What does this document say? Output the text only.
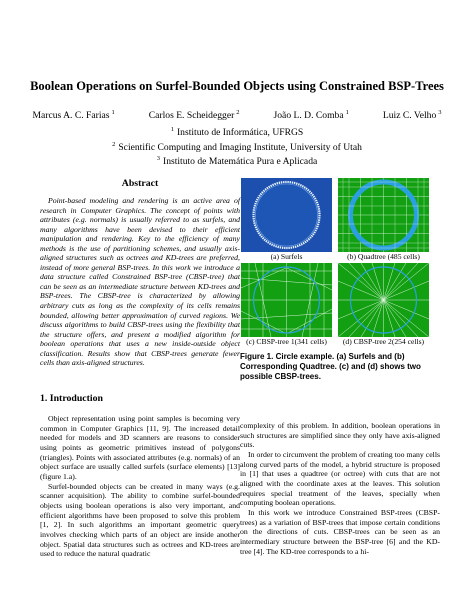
Boolean Operations on Surfel-Bounded Objects using Constrained BSP-Trees
Marcus A. C. Farias $^1$	Carlos E. Scheidegger $^2$	João L. D. Comba $^1$	Luiz C. Velho $^3$
$^1$ Instituto de Informática, UFRGS
$^2$ Scientific Computing and Imaging Institute, University of Utah
$^3$ Instituto de Matemática Pura e Aplicada
Abstract

Point-based modeling and rendering is an active area of research in Computer Graphics. The concept of points with attributes (e.g. normals) is usually referred to as surfels, and many algorithms have been devised to their efficient manipulation and rendering. Key to the efficiency of many methods is the use of partitioning schemes, and usually axis-aligned structures such as octrees and KD-trees are preferred, instead of more general BSP-trees. In this work we introduce a data structure called Constrained BSP-tree (CBSP-tree) that can be seen as an intermediate structure between KD-trees and BSP-trees. The CBSP-tree is characterized by allowing arbitrary cuts as long as the complexity of its cells remains bounded, allowing better approximation of curved regions. We discuss algorithms to build CBSP-trees using the flexibility that the structure offers, and present a modified algorithm for boolean operations that uses a new inside-outside object classification. Results show that CBSP-trees generate fewer cells than axis-aligned structures.

1. Introduction

Object representation using point samples is becoming very common in Computer Graphics [11, 9]. The increased detail needed for models and 3D scanners are reasons to consider using points as geometric primitives instead of polygons (triangles). Points with associated attributes (e.g. normals) of an object surface are usually called surfels (surface elements) [13] (figure 1.a).

Surfel-bounded objects can be created in many ways (e.g. scanner acquisition). The ability to combine surfel-bounded objects using boolean operations is also very important, and efficient algorithms have been proposed to solve this problem [1, 2]. In such algorithms an important geometric query involves checking which parts of an object are inside another object. Spatial data structures such as octrees and KD-trees are used to reduce the natural quadratic

(a) Surfels	(b) Quadtree (485 cells)
(c) CBSP-tree 1(341 cells) (d) CBSP-tree 2(254 cells)
Figure 1. Circle example. (a) Surfels and (b) Corresponding Quadtree. (c) and (d) shows two possible CBSP-trees.

complexity of this problem. In addition, boolean operations in such structures are simplified since they only have axis-aligned cuts.

In order to circumvent the problem of creating too many cells along curved parts of the model, a hybrid structure is proposed in [1] that uses a quadtree (or octree) with cuts that are not aligned with the coordinate axes at the leaves. This solution requires special treatment of the leaves, specially when computing boolean operations.

In this work we introduce Constrained BSP-trees (CBSP-trees) as a variation of BSP-trees that impose certain conditions on the directions of cuts. CBSP-trees can be seen as an intermediary structure between the BSP-tree [6] and the KD-tree [4]. The KD-tree corresponds to a hi-
